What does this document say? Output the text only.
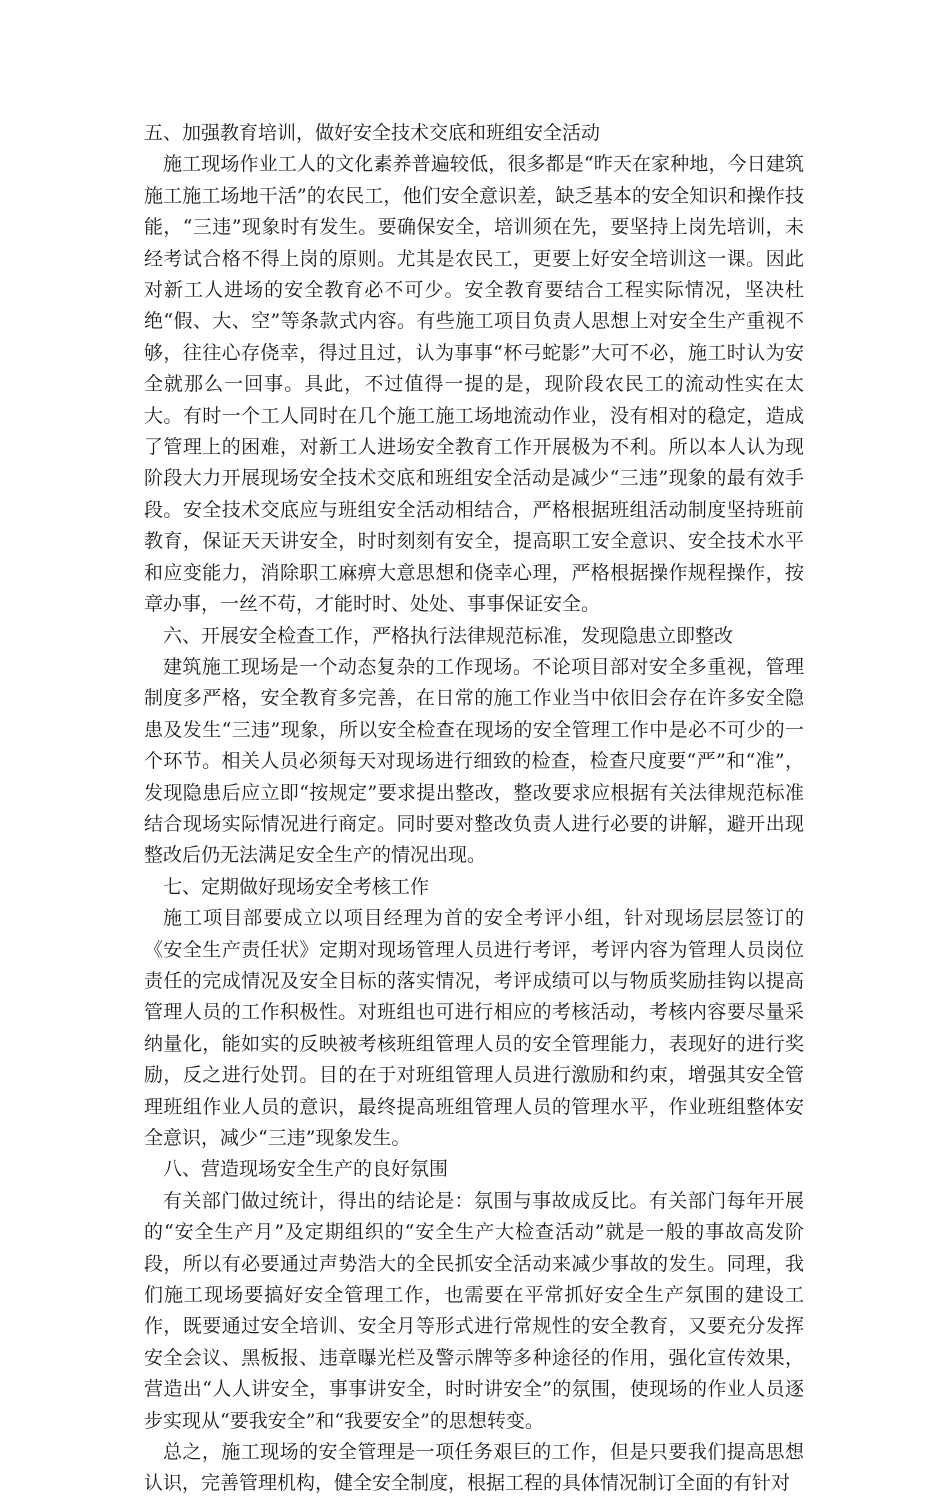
五、加强教育培训，做好安全技术交底和班组安全活动

施工现场作业工人的文化素养普遍较低，很多都是“昨天在家种地，今日建筑施工施工场地干活”的农民工，他们安全意识差，缺乏基本的安全知识和操作技能，“三违”现象时有发生。要确保安全，培训须在先，要坚持上岗先培训，未经考试合格不得上岗的原则。尤其是农民工，更要上好安全培训这一课。因此对新工人进场的安全教育必不可少。安全教育要结合工程实际情况，坚决杜绝“假、大、空”等条款式内容。有些施工项目负责人思想上对安全生产重视不够，往往心存侥幸，得过且过，认为事事“杯弓蛇影”大可不必，施工时认为安全就那么一回事。具此，不过值得一提的是，现阶段农民工的流动性实在太大。有时一个工人同时在几个施工施工场地流动作业，没有相对的稳定，造成了管理上的困难，对新工人进场安全教育工作开展极为不利。所以本人认为现阶段大力开展现场安全技术交底和班组安全活动是减少“三违”现象的最有效手段。安全技术交底应与班组安全活动相结合，严格根据班组活动制度坚持班前教育，保证天天讲安全，时时刻刻有安全，提高职工安全意识、安全技术水平和应变能力，消除职工麻痹大意思想和侥幸心理，严格根据操作规程操作，按章办事，一丝不苟，才能时时、处处、事事保证安全。

六、开展安全检查工作，严格执行法律规范标准，发现隐患立即整改

建筑施工现场是一个动态复杂的工作现场。不论项目部对安全多重视，管理制度多严格，安全教育多完善，在日常的施工作业当中依旧会存在许多安全隐患及发生“三违”现象，所以安全检查在现场的安全管理工作中是必不可少的一个环节。相关人员必须每天对现场进行细致的检查，检查尺度要“严”和“准”，发现隐患后应立即“按规定”要求提出整改，整改要求应根据有关法律规范标准结合现场实际情况进行商定。同时要对整改负责人进行必要的讲解，避开出现整改后仍无法满足安全生产的情况出现。

七、定期做好现场安全考核工作

施工项目部要成立以项目经理为首的安全考评小组，针对现场层层签订的《安全生产责任状》定期对现场管理人员进行考评，考评内容为管理人员岗位责任的完成情况及安全目标的落实情况，考评成绩可以与物质奖励挂钩以提高管理人员的工作积极性。对班组也可进行相应的考核活动，考核内容要尽量采纳量化，能如实的反映被考核班组管理人员的安全管理能力，表现好的进行奖励，反之进行处罚。目的在于对班组管理人员进行激励和约束，增强其安全管理班组作业人员的意识，最终提高班组管理人员的管理水平，作业班组整体安全意识，减少“三违”现象发生。

八、营造现场安全生产的良好氛围

有关部门做过统计，得出的结论是：氛围与事故成反比。有关部门每年开展的“安全生产月”及定期组织的“安全生产大检查活动”就是一般的事故高发阶段，所以有必要通过声势浩大的全民抓安全活动来减少事故的发生。同理，我们施工现场要搞好安全管理工作，也需要在平常抓好安全生产氛围的建设工作，既要通过安全培训、安全月等形式进行常规性的安全教育，又要充分发挥安全会议、黑板报、违章曝光栏及警示牌等多种途径的作用，强化宣传效果，营造出“人人讲安全，事事讲安全，时时讲安全”的氛围，使现场的作业人员逐步实现从“要我安全”和“我要安全”的思想转变。

总之，施工现场的安全管理是一项任务艰巨的工作，但是只要我们提高思想认识，完善管理机构，健全安全制度，根据工程的具体情况制订全面的有针对
